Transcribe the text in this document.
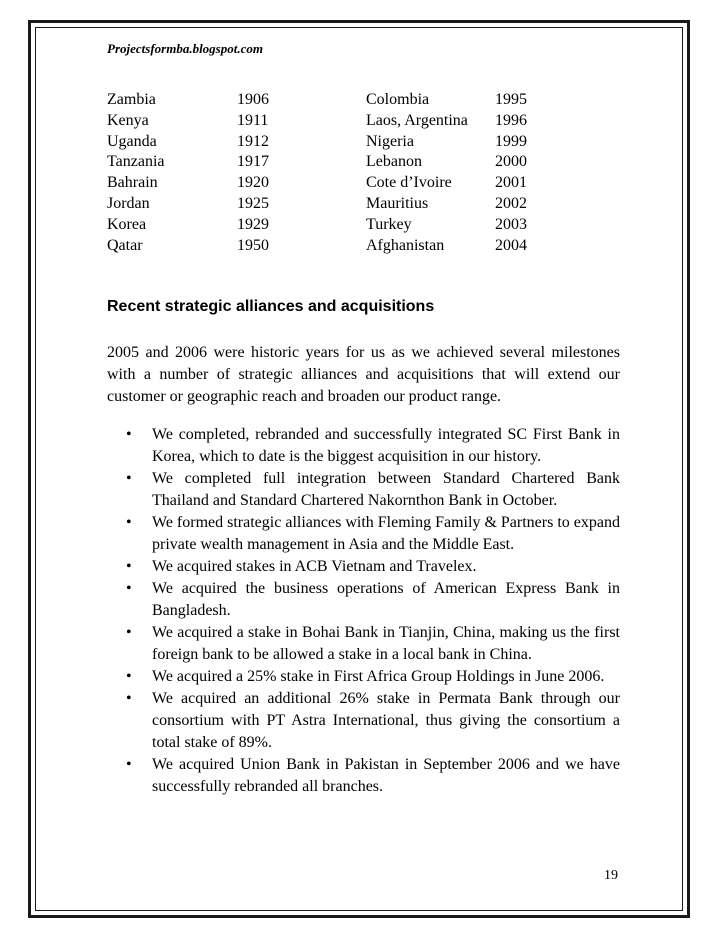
Projectsformba.blogspot.com
Zambia	1906	Colombia	1995
Kenya	1911	Laos, Argentina	1996
Uganda	1912	Nigeria	1999
Tanzania	1917	Lebanon	2000
Bahrain	1920	Cote d’Ivoire	2001
Jordan	1925	Mauritius	2002
Korea	1929	Turkey	2003
Qatar	1950	Afghanistan	2004
Recent strategic alliances and acquisitions

2005 and 2006 were historic years for us as we achieved several milestones with a number of strategic alliances and acquisitions that will extend our customer or geographic reach and broaden our product range.

• We completed, rebranded and successfully integrated SC First Bank in Korea, which to date is the biggest acquisition in our history.
• We completed full integration between Standard Chartered Bank Thailand and Standard Chartered Nakornthon Bank in October.
• We formed strategic alliances with Fleming Family & Partners to expand private wealth management in Asia and the Middle East.
• We acquired stakes in ACB Vietnam and Travelex.
• We acquired the business operations of American Express Bank in Bangladesh.
• We acquired a stake in Bohai Bank in Tianjin, China, making us the first foreign bank to be allowed a stake in a local bank in China.
• We acquired a 25% stake in First Africa Group Holdings in June 2006.
• We acquired an additional 26% stake in Permata Bank through our consortium with PT Astra International, thus giving the consortium a total stake of 89%.
• We acquired Union Bank in Pakistan in September 2006 and we have successfully rebranded all branches.
19
